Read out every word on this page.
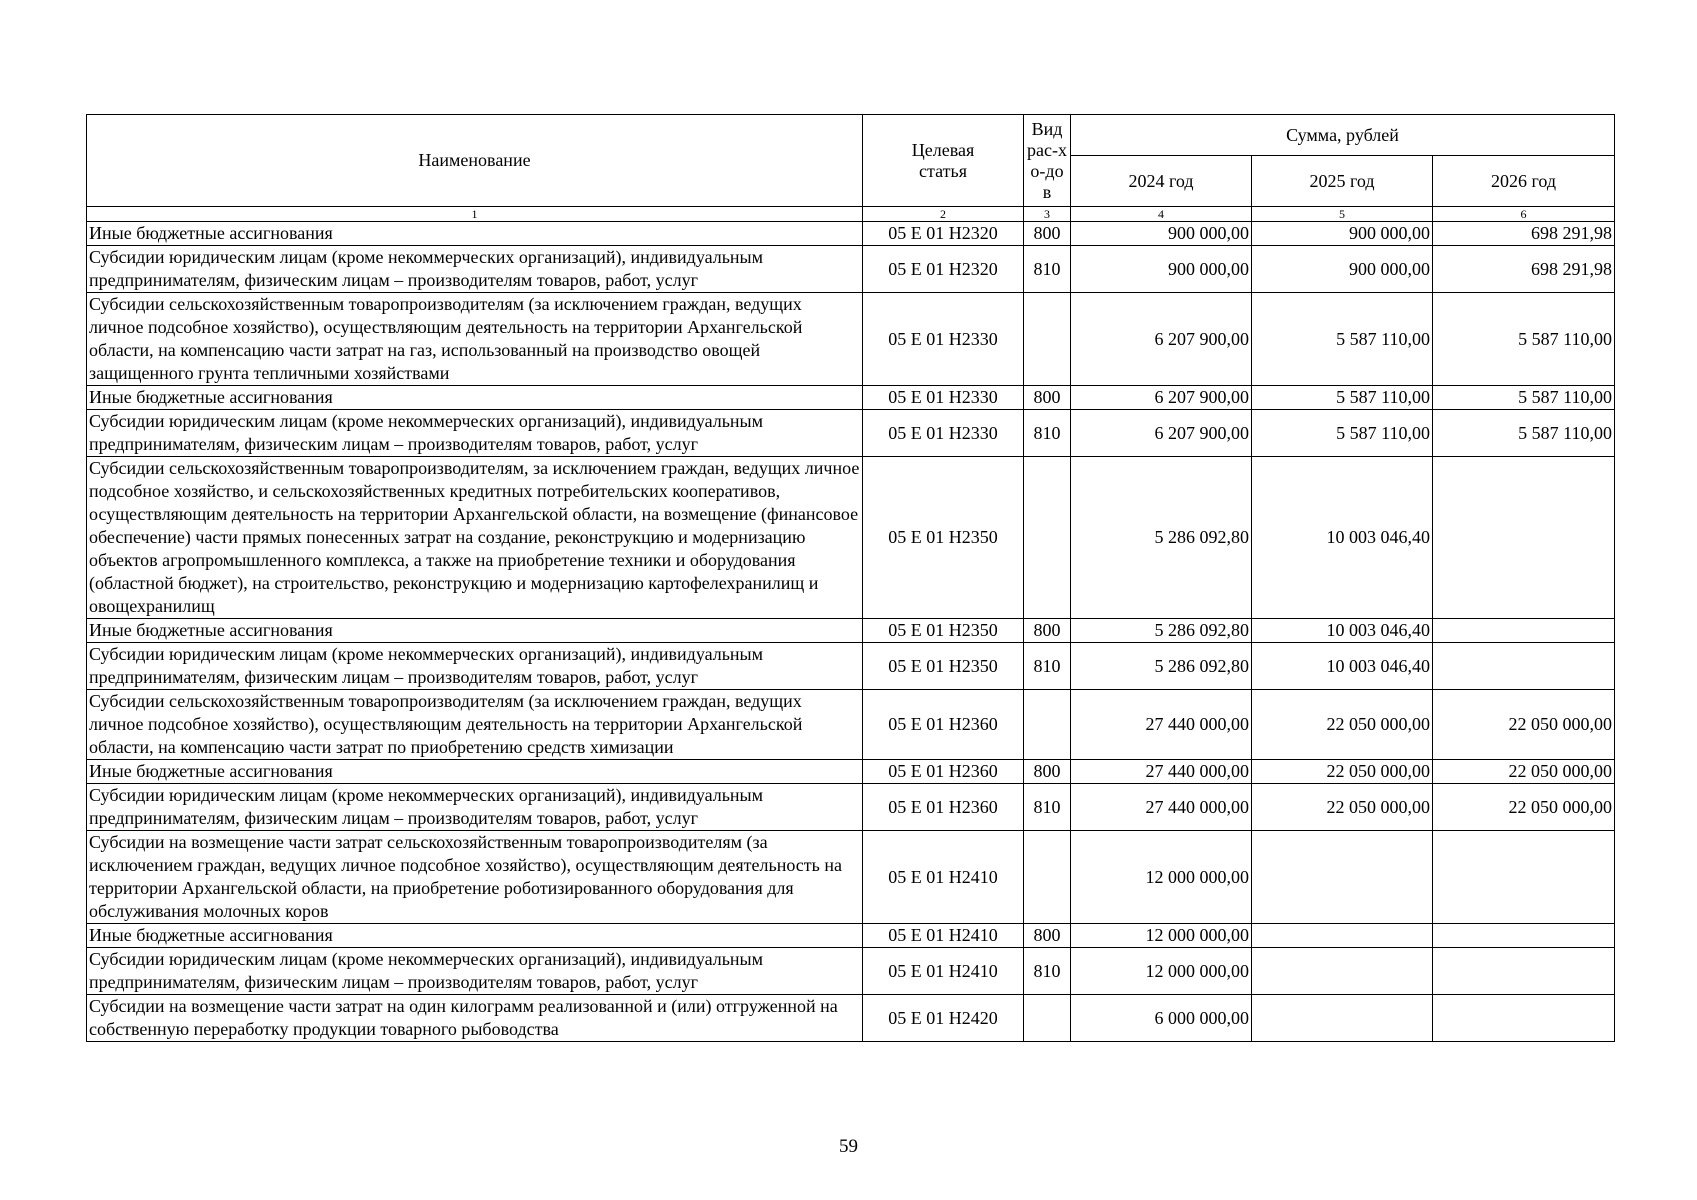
Наименование	Целевая статья	Вид рас-хо-дов	Сумма, рублей		
			2024 год	2025 год	2026 год
1	2	3	4	5	6
Иные бюджетные ассигнования	05 Е 01 Н2320	800	900 000,00	900 000,00	698 291,98
Субсидии юридическим лицам (кроме некоммерческих организаций), индивидуальным предпринимателям, физическим лицам – производителям товаров, работ, услуг	05 Е 01 Н2320	810	900 000,00	900 000,00	698 291,98
Субсидии сельскохозяйственным товаропроизводителям (за исключением граждан, ведущих личное подсобное хозяйство), осуществляющим деятельность на территории Архангельской области, на компенсацию части затрат на газ, использованный на производство овощей защищенного грунта тепличными хозяйствами	05 Е 01 Н2330		6 207 900,00	5 587 110,00	5 587 110,00
Иные бюджетные ассигнования	05 Е 01 Н2330	800	6 207 900,00	5 587 110,00	5 587 110,00
Субсидии юридическим лицам (кроме некоммерческих организаций), индивидуальным предпринимателям, физическим лицам – производителям товаров, работ, услуг	05 Е 01 Н2330	810	6 207 900,00	5 587 110,00	5 587 110,00
Субсидии сельскохозяйственным товаропроизводителям, за исключением граждан, ведущих личное подсобное хозяйство, и сельскохозяйственных кредитных потребительских кооперативов, осуществляющим деятельность на территории Архангельской области, на возмещение (финансовое обеспечение) части прямых понесенных затрат на создание, реконструкцию и модернизацию объектов агропромышленного комплекса, а также на приобретение техники и оборудования (областной бюджет), на строительство, реконструкцию и модернизацию картофелехранилищ и овощехранилищ	05 Е 01 Н2350		5 286 092,80	10 003 046,40	
Иные бюджетные ассигнования	05 Е 01 Н2350	800	5 286 092,80	10 003 046,40	
Субсидии юридическим лицам (кроме некоммерческих организаций), индивидуальным предпринимателям, физическим лицам – производителям товаров, работ, услуг	05 Е 01 Н2350	810	5 286 092,80	10 003 046,40	
Субсидии сельскохозяйственным товаропроизводителям (за исключением граждан, ведущих личное подсобное хозяйство), осуществляющим деятельность на территории Архангельской области, на компенсацию части затрат по приобретению средств химизации	05 Е 01 Н2360		27 440 000,00	22 050 000,00	22 050 000,00
Иные бюджетные ассигнования	05 Е 01 Н2360	800	27 440 000,00	22 050 000,00	22 050 000,00
Субсидии юридическим лицам (кроме некоммерческих организаций), индивидуальным предпринимателям, физическим лицам – производителям товаров, работ, услуг	05 Е 01 Н2360	810	27 440 000,00	22 050 000,00	22 050 000,00
Субсидии на возмещение части затрат сельскохозяйственным товаропроизводителям (за исключением граждан, ведущих личное подсобное хозяйство), осуществляющим деятельность на территории Архангельской области, на приобретение роботизированного оборудования для обслуживания молочных коров	05 Е 01 Н2410		12 000 000,00		
Иные бюджетные ассигнования	05 Е 01 Н2410	800	12 000 000,00		
Субсидии юридическим лицам (кроме некоммерческих организаций), индивидуальным предпринимателям, физическим лицам – производителям товаров, работ, услуг	05 Е 01 Н2410	810	12 000 000,00		
Субсидии на возмещение части затрат на один килограмм реализованной и (или) отгруженной на собственную переработку продукции товарного рыбоводства	05 Е 01 Н2420		6 000 000,00		
59
